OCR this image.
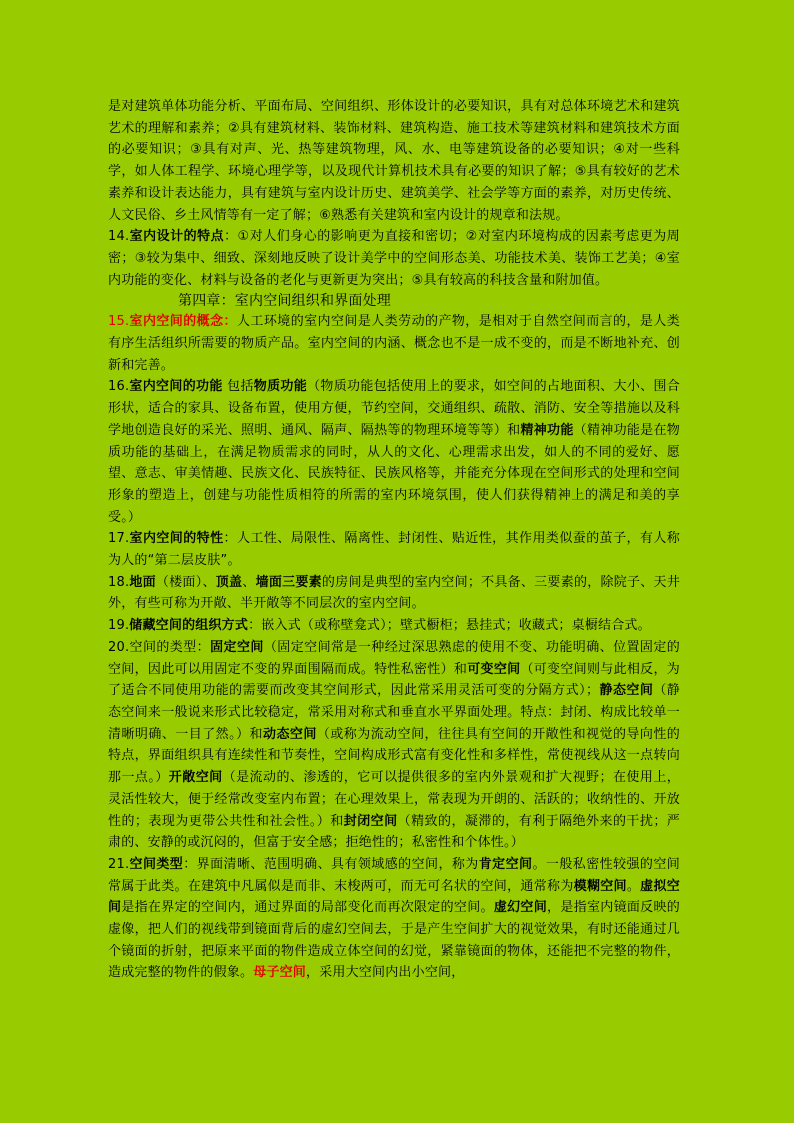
是对建筑单体功能分析、平面布局、空间组织、形体设计的必要知识，具有对总体环境艺术和建筑艺术的理解和素养；②具有建筑材料、装饰材料、建筑构造、施工技术等建筑材料和建筑技术方面的必要知识；③具有对声、光、热等建筑物理，风、水、电等建筑设备的必要知识；④对一些科学，如人体工程学、环境心理学等，以及现代计算机技术具有必要的知识了解；⑤具有较好的艺术素养和设计表达能力，具有建筑与室内设计历史、建筑美学、社会学等方面的素养，对历史传统、人文民俗、乡土风情等有一定了解；⑥熟悉有关建筑和室内设计的规章和法规。

14.室内设计的特点：①对人们身心的影响更为直接和密切；②对室内环境构成的因素考虑更为周密；③较为集中、细致、深刻地反映了设计美学中的空间形态美、功能技术美、装饰工艺美；④室内功能的变化、材料与设备的老化与更新更为突出；⑤具有较高的科技含量和附加值。

第四章：室内空间组织和界面处理

15.室内空间的概念：人工环境的室内空间是人类劳动的产物，是相对于自然空间而言的，是人类有序生活组织所需要的物质产品。室内空间的内涵、概念也不是一成不变的，而是不断地补充、创新和完善。

16.室内空间的功能 包括物质功能（物质功能包括使用上的要求，如空间的占地面积、大小、围合形状，适合的家具、设备布置，使用方便，节约空间，交通组织、疏散、消防、安全等措施以及科学地创造良好的采光、照明、通风、隔声、隔热等的物理环境等等）和精神功能（精神功能是在物质功能的基础上，在满足物质需求的同时，从人的文化、心理需求出发，如人的不同的爱好、愿望、意志、审美情趣、民族文化、民族特征、民族风格等，并能充分体现在空间形式的处理和空间形象的塑造上，创建与功能性质相符的所需的室内环境氛围，使人们获得精神上的满足和美的享受。）

17.室内空间的特性：人工性、局限性、隔离性、封闭性、贴近性，其作用类似蚕的茧子，有人称为人的“第二层皮肤”。

18.地面（楼面）、顶盖、墙面三要素的房间是典型的室内空间；不具备、三要素的，除院子、天井外，有些可称为开敞、半开敞等不同层次的室内空间。

19.储藏空间的组织方式：嵌入式（或称壁龛式）；壁式橱柜；悬挂式；收藏式；桌橱结合式。

20.空间的类型：固定空间（固定空间常是一种经过深思熟虑的使用不变、功能明确、位置固定的空间，因此可以用固定不变的界面围隔而成。特性私密性）和可变空间（可变空间则与此相反，为了适合不同使用功能的需要而改变其空间形式，因此常采用灵活可变的分隔方式）；静态空间（静态空间来一般说来形式比较稳定，常采用对称式和垂直水平界面处理。特点：封闭、构成比较单一清晰明确、一目了然。）和动态空间（或称为流动空间，往往具有空间的开敞性和视觉的导向性的特点，界面组织具有连续性和节奏性，空间构成形式富有变化性和多样性，常使视线从这一点转向那一点。）开敞空间（是流动的、渗透的，它可以提供很多的室内外景观和扩大视野；在使用上，灵活性较大，便于经常改变室内布置；在心理效果上，常表现为开朗的、活跃的；收纳性的、开放性的；表现为更带公共性和社会性。）和封闭空间（精致的，凝滞的，有利于隔绝外来的干扰；严肃的、安静的或沉闷的，但富于安全感；拒绝性的；私密性和个体性。）

21.空间类型：界面清晰、范围明确、具有领域感的空间，称为肯定空间。一般私密性较强的空间常属于此类。在建筑中凡属似是而非、末梭两可，而无可名状的空间，通常称为模糊空间。虚拟空间是指在界定的空间内，通过界面的局部变化而再次限定的空间。虚幻空间，是指室内镜面反映的虚像，把人们的视线带到镜面背后的虚幻空间去，于是产生空间扩大的视觉效果，有时还能通过几个镜面的折射，把原来平面的物件造成立体空间的幻觉，紧靠镜面的物体，还能把不完整的物件，造成完整的物件的假象。母子空间，采用大空间内出小空间，
